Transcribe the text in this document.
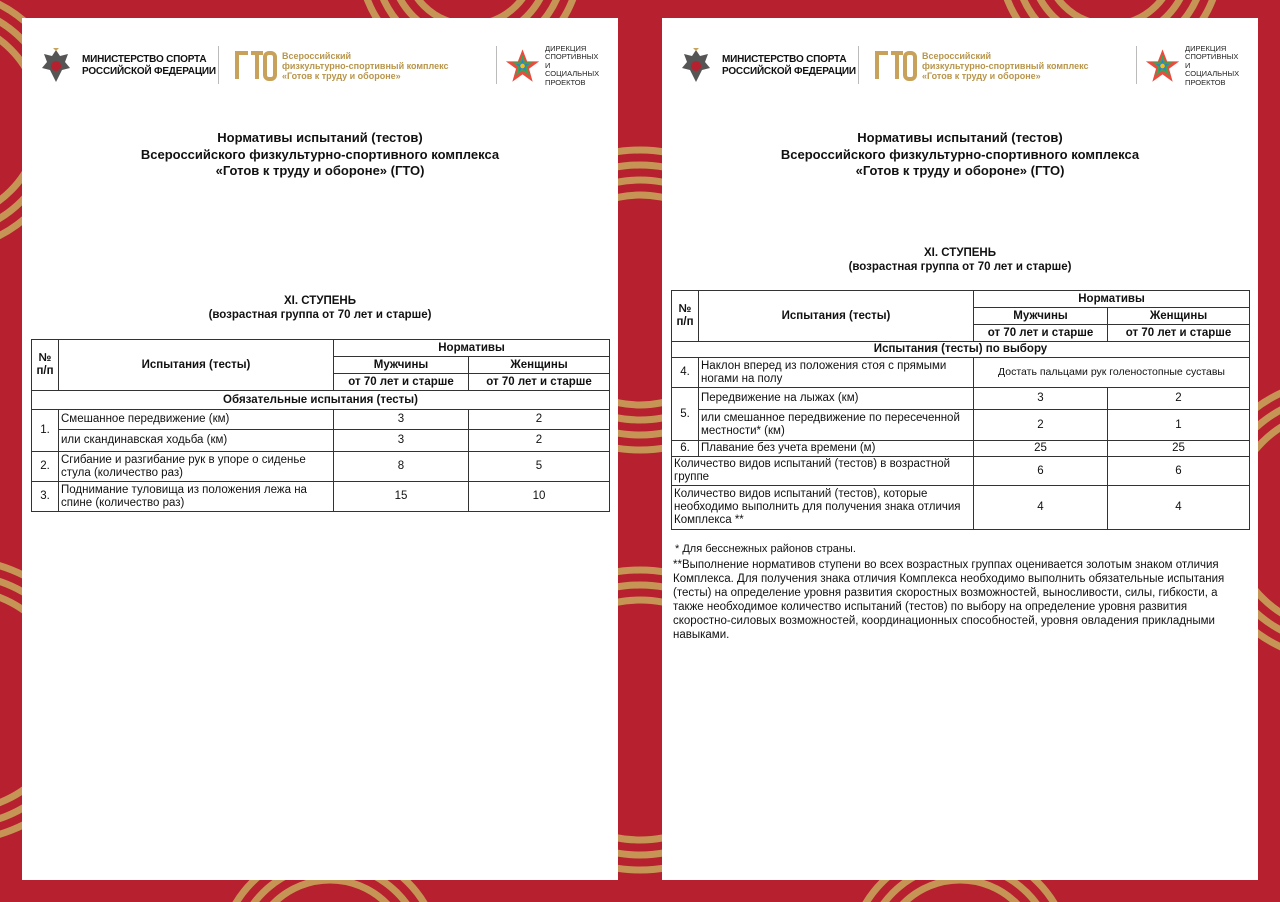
МИНИСТЕРСТВО СПОРТА
РОССИЙСКОЙ ФЕДЕРАЦИИ
Всероссийский
физкультурно-спортивный комплекс
«Готов к труду и обороне»
ДИРЕКЦИЯ
СПОРТИВНЫХ
И СОЦИАЛЬНЫХ
ПРОЕКТОВ
Нормативы испытаний (тестов)
Всероссийского физкультурно-спортивного комплекса
«Готов к труду и обороне» (ГТО)
XI. СТУПЕНЬ
(возрастная группа от 70 лет и старше)
№ п/п	Испытания (тесты)	Нормативы	
		Мужчины	Женщины
		от 70 лет и старше	от 70 лет и старше
Обязательные испытания (тесты)			
1.	Смешанное передвижение (км)	3	2
	или скандинавская ходьба (км)	3	2
2.	Сгибание и разгибание рук в упоре о сиденье стула (количество раз)	8	5
3.	Поднимание туловища из положения лежа на спине (количество раз)	15	10
МИНИСТЕРСТВО СПОРТА
РОССИЙСКОЙ ФЕДЕРАЦИИ
Всероссийский
физкультурно-спортивный комплекс
«Готов к труду и обороне»
ДИРЕКЦИЯ
СПОРТИВНЫХ
И СОЦИАЛЬНЫХ
ПРОЕКТОВ
Нормативы испытаний (тестов)
Всероссийского физкультурно-спортивного комплекса
«Готов к труду и обороне» (ГТО)
XI. СТУПЕНЬ
(возрастная группа от 70 лет и старше)
№ п/п	Испытания (тесты)	Нормативы	
		Мужчины	Женщины
		от 70 лет и старше	от 70 лет и старше
Испытания (тесты) по выбору			
4.	Наклон вперед из положения стоя с прямыми ногами на полу	Достать пальцами рук голеностопные суставы	
5.	Передвижение на лыжах (км)	3	2
	или смешанное передвижение по пересеченной местности* (км)	2	1
6.	Плавание без учета времени (м)	25	25
Количество видов испытаний (тестов) в возрастной группе		6	6
Количество видов испытаний (тестов), которые необходимо выполнить для получения знака отличия Комплекса **		4	4
* Для бесснежных районов страны.
**Выполнение нормативов ступени во всех возрастных группах оценивается золотым знаком отличия Комплекса. Для получения знака отличия Комплекса необходимо выполнить обязательные испытания (тесты) на определение уровня развития скоростных возможностей, выносливости, силы, гибкости, а также необходимое количество испытаний (тестов) по выбору на определение уровня развития скоростно-силовых возможностей, координационных способностей, уровня овладения прикладными навыками.
